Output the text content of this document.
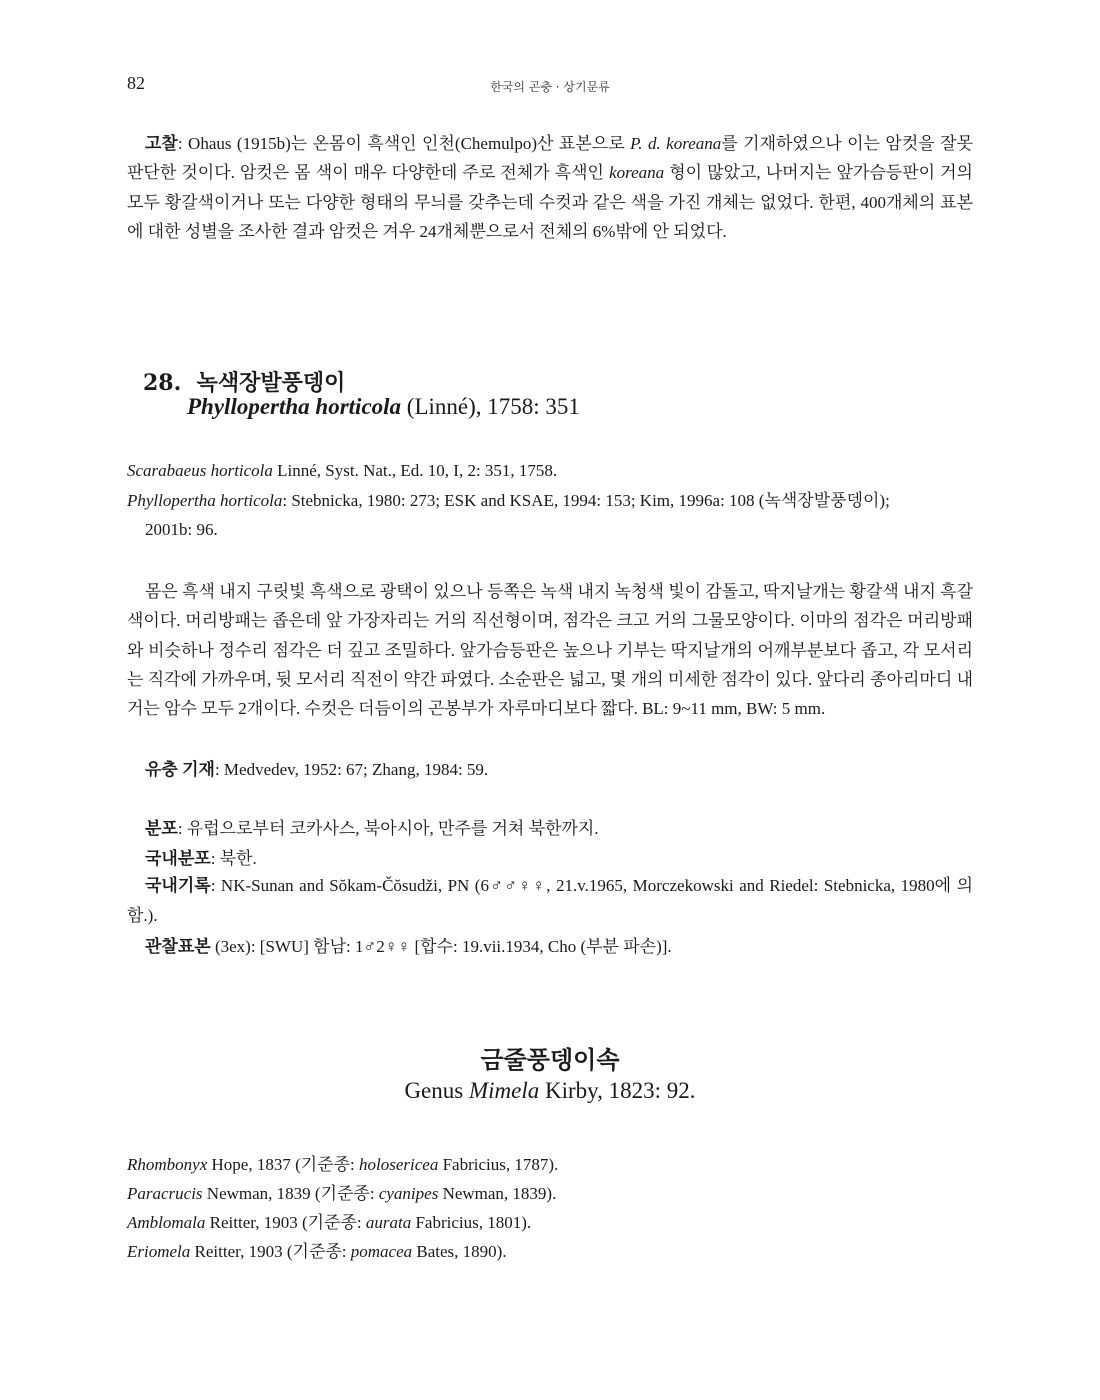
82	한국의 곤충 · 상기문류
고찰: Ohaus (1915b)는 온몸이 흑색인 인천(Chemulpo)산 표본으로 P. d. koreana를 기재하였으나 이는 암컷을 잘못 판단한 것이다. 암컷은 몸 색이 매우 다양한데 주로 전체가 흑색인 koreana 형이 많았고, 나머지는 앞가슴등판이 거의 모두 황갈색이거나 또는 다양한 형태의 무늬를 갖추는데 수컷과 같은 색을 가진 개체는 없었다. 한편, 400개체의 표본에 대한 성별을 조사한 결과 암컷은 겨우 24개체뿐으로서 전체의 6%밖에 안 되었다.
28. 녹색장발풍뎅이
Phyllopertha horticola (Linné), 1758: 351
Scarabaeus horticola Linné, Syst. Nat., Ed. 10, I, 2: 351, 1758.
Phyllopertha horticola: Stebnicka, 1980: 273; ESK and KSAE, 1994: 153; Kim, 1996a: 108 (녹색장발풍뎅이);
2001b: 96.
몸은 흑색 내지 구릿빛 흑색으로 광택이 있으나 등쪽은 녹색 내지 녹청색 빛이 감돌고, 딱지날개는 황갈색 내지 흑갈색이다. 머리방패는 좁은데 앞 가장자리는 거의 직선형이며, 점각은 크고 거의 그물모양이다. 이마의 점각은 머리방패와 비슷하나 정수리 점각은 더 깊고 조밀하다. 앞가슴등판은 높으나 기부는 딱지날개의 어깨부분보다 좁고, 각 모서리는 직각에 가까우며, 뒷 모서리 직전이 약간 파였다. 소순판은 넓고, 몇 개의 미세한 점각이 있다. 앞다리 종아리마디 내거는 암수 모두 2개이다. 수컷은 더듬이의 곤봉부가 자루마디보다 짧다. BL: 9~11 mm, BW: 5 mm.
유충 기재: Medvedev, 1952: 67; Zhang, 1984: 59.
분포: 유럽으로부터 코카사스, 북아시아, 만주를 거쳐 북한까지.
국내분포: 북한.
국내기록: NK-Sunan and Sŏkam-Čŏsudži, PN (6♂♂♀♀, 21.v.1965, Morczekowski and Riedel: Stebnicka, 1980에 의함.).
관찰표본 (3ex): [SWU] 함남: 1♂2♀♀ [합수: 19.vii.1934, Cho (부분 파손)].
금줄풍뎅이속
Genus Mimela Kirby, 1823: 92.
Rhombonyx Hope, 1837 (기준종: holosericea Fabricius, 1787).
Paracrucis Newman, 1839 (기준종: cyanipes Newman, 1839).
Amblomala Reitter, 1903 (기준종: aurata Fabricius, 1801).
Eriomela Reitter, 1903 (기준종: pomacea Bates, 1890).
